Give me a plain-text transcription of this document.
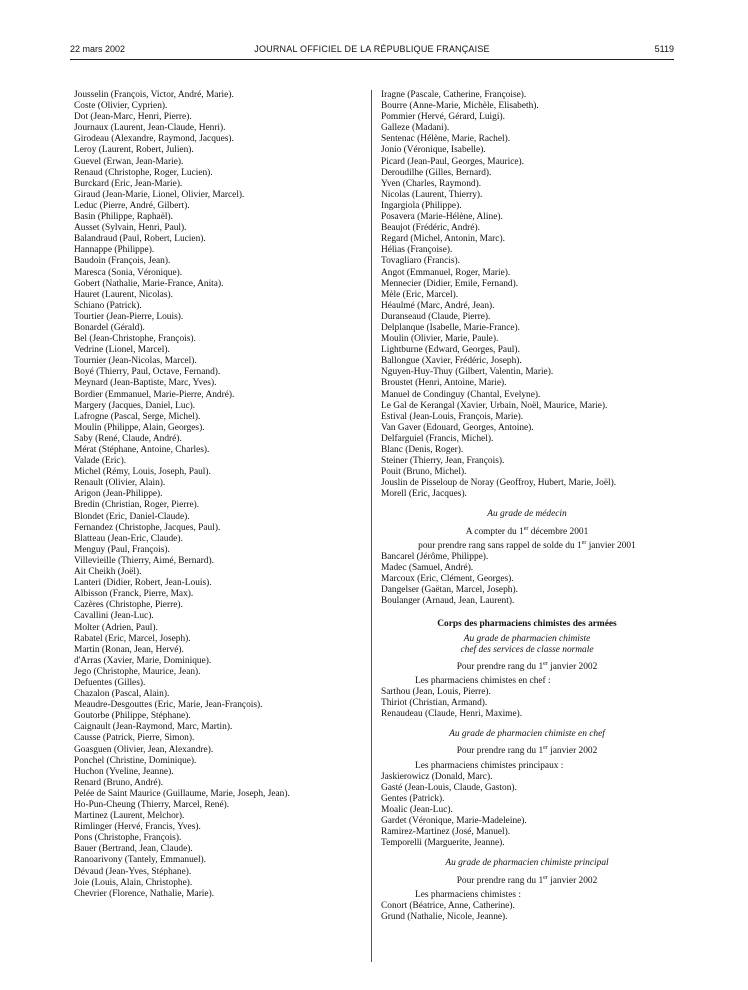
22 mars 2002	JOURNAL OFFICIEL DE LA RÉPUBLIQUE FRANÇAISE	5119
Jousselin (François, Victor, André, Marie).
Coste (Olivier, Cyprien).
Dot (Jean-Marc, Henri, Pierre).
Journaux (Laurent, Jean-Claude, Henri).
Girodeau (Alexandre, Raymond, Jacques).
Leroy (Laurent, Robert, Julien).
Guevel (Erwan, Jean-Marie).
Renaud (Christophe, Roger, Lucien).
Burckard (Eric, Jean-Marie).
Giraud (Jean-Marie, Lionel, Olivier, Marcel).
Leduc (Pierre, André, Gilbert).
Basin (Philippe, Raphaël).
Ausset (Sylvain, Henri, Paul).
Balandraud (Paul, Robert, Lucien).
Hannappe (Philippe).
Baudoin (François, Jean).
Maresca (Sonia, Véronique).
Gobert (Nathalie, Marie-France, Anita).
Hauret (Laurent, Nicolas).
Schiano (Patrick).
Tourtier (Jean-Pierre, Louis).
Bonardel (Gérald).
Bel (Jean-Christophe, François).
Vedrine (Lionel, Marcel).
Tournier (Jean-Nicolas, Marcel).
Boyé (Thierry, Paul, Octave, Fernand).
Meynard (Jean-Baptiste, Marc, Yves).
Bordier (Emmanuel, Marie-Pierre, André).
Margery (Jacques, Daniel, Luc).
Lafrogne (Pascal, Serge, Michel).
Moulin (Philippe, Alain, Georges).
Saby (René, Claude, André).
Mérat (Stéphane, Antoine, Charles).
Valade (Eric).
Michel (Rémy, Louis, Joseph, Paul).
Renault (Olivier, Alain).
Arigon (Jean-Philippe).
Bredin (Christian, Roger, Pierre).
Blondet (Eric, Daniel-Claude).
Fernandez (Christophe, Jacques, Paul).
Blatteau (Jean-Eric, Claude).
Menguy (Paul, François).
Villevieille (Thierry, Aimé, Bernard).
Ait Cheikh (Joël).
Lanteri (Didier, Robert, Jean-Louis).
Albisson (Franck, Pierre, Max).
Cazères (Christophe, Pierre).
Cavallini (Jean-Luc).
Molter (Adrien, Paul).
Rabatel (Eric, Marcel, Joseph).
Martin (Ronan, Jean, Hervé).
d'Arras (Xavier, Marie, Dominique).
Jego (Christophe, Maurice, Jean).
Defuentes (Gilles).
Chazalon (Pascal, Alain).
Meaudre-Desgouttes (Eric, Marie, Jean-François).
Goutorbe (Philippe, Stéphane).
Caignault (Jean-Raymond, Marc, Martin).
Causse (Patrick, Pierre, Simon).
Goasguen (Olivier, Jean, Alexandre).
Ponchel (Christine, Dominique).
Huchon (Yveline, Jeanne).
Renard (Bruno, André).
Pelée de Saint Maurice (Guillaume, Marie, Joseph, Jean).
Ho-Pun-Cheung (Thierry, Marcel, René).
Martinez (Laurent, Melchor).
Rimlinger (Hervé, Francis, Yves).
Pons (Christophe, François).
Bauer (Bertrand, Jean, Claude).
Ranoarivony (Tantely, Emmanuel).
Dévaud (Jean-Yves, Stéphane).
Joie (Louis, Alain, Christophe).
Chevrier (Florence, Nathalie, Marie).
Iragne (Pascale, Catherine, Françoise).
Bourre (Anne-Marie, Michèle, Elisabeth).
Pommier (Hervé, Gérard, Luigi).
Galleze (Madani).
Sentenac (Hélène, Marie, Rachel).
Jonio (Véronique, Isabelle).
Picard (Jean-Paul, Georges, Maurice).
Deroudilhe (Gilles, Bernard).
Yven (Charles, Raymond).
Nicolas (Laurent, Thierry).
Ingargiola (Philippe).
Posavera (Marie-Hélène, Aline).
Beaujot (Frédéric, André).
Regard (Michel, Antonin, Marc).
Hélias (Françoise).
Tovagliaro (Francis).
Angot (Emmanuel, Roger, Marie).
Mennecier (Didier, Emile, Fernand).
Mèle (Eric, Marcel).
Héaulmé (Marc, André, Jean).
Duranseaud (Claude, Pierre).
Delplanque (Isabelle, Marie-France).
Moulin (Olivier, Marie, Paule).
Lightburne (Edward, Georges, Paul).
Ballongue (Xavier, Frédéric, Joseph).
Nguyen-Huy-Thuy (Gilbert, Valentin, Marie).
Broustet (Henri, Antoine, Marie).
Manuel de Condinguy (Chantal, Evelyne).
Le Gal de Kerangal (Xavier, Urbain, Noël, Maurice, Marie).
Estival (Jean-Louis, François, Marie).
Van Gaver (Edouard, Georges, Antoine).
Delfarguiel (Francis, Michel).
Blanc (Denis, Roger).
Steiner (Thierry, Jean, François).
Pouit (Bruno, Michel).
Jouslin de Pisseloup de Noray (Geoffroy, Hubert, Marie, Joël).
Morell (Eric, Jacques).
Au grade de médecin
A compter du 1er décembre 2001
pour prendre rang sans rappel de solde du 1er janvier 2001
Bancarel (Jérôme, Philippe).
Madec (Samuel, André).
Marcoux (Eric, Clément, Georges).
Dangelser (Gaëtan, Marcel, Joseph).
Boulanger (Arnaud, Jean, Laurent).
Corps des pharmaciens chimistes des armées
Au grade de pharmacien chimiste
chef des services de classe normale
Pour prendre rang du 1er janvier 2002
Les pharmaciens chimistes en chef :
Sarthou (Jean, Louis, Pierre).
Thiriot (Christian, Armand).
Renaudeau (Claude, Henri, Maxime).
Au grade de pharmacien chimiste en chef
Pour prendre rang du 1er janvier 2002
Les pharmaciens chimistes principaux :
Jaskierowicz (Donald, Marc).
Gasté (Jean-Louis, Claude, Gaston).
Gentes (Patrick).
Moalic (Jean-Luc).
Gardet (Véronique, Marie-Madeleine).
Ramirez-Martinez (José, Manuel).
Temporelli (Marguerite, Jeanne).
Au grade de pharmacien chimiste principal
Pour prendre rang du 1er janvier 2002
Les pharmaciens chimistes :
Conort (Béatrice, Anne, Catherine).
Grund (Nathalie, Nicole, Jeanne).
